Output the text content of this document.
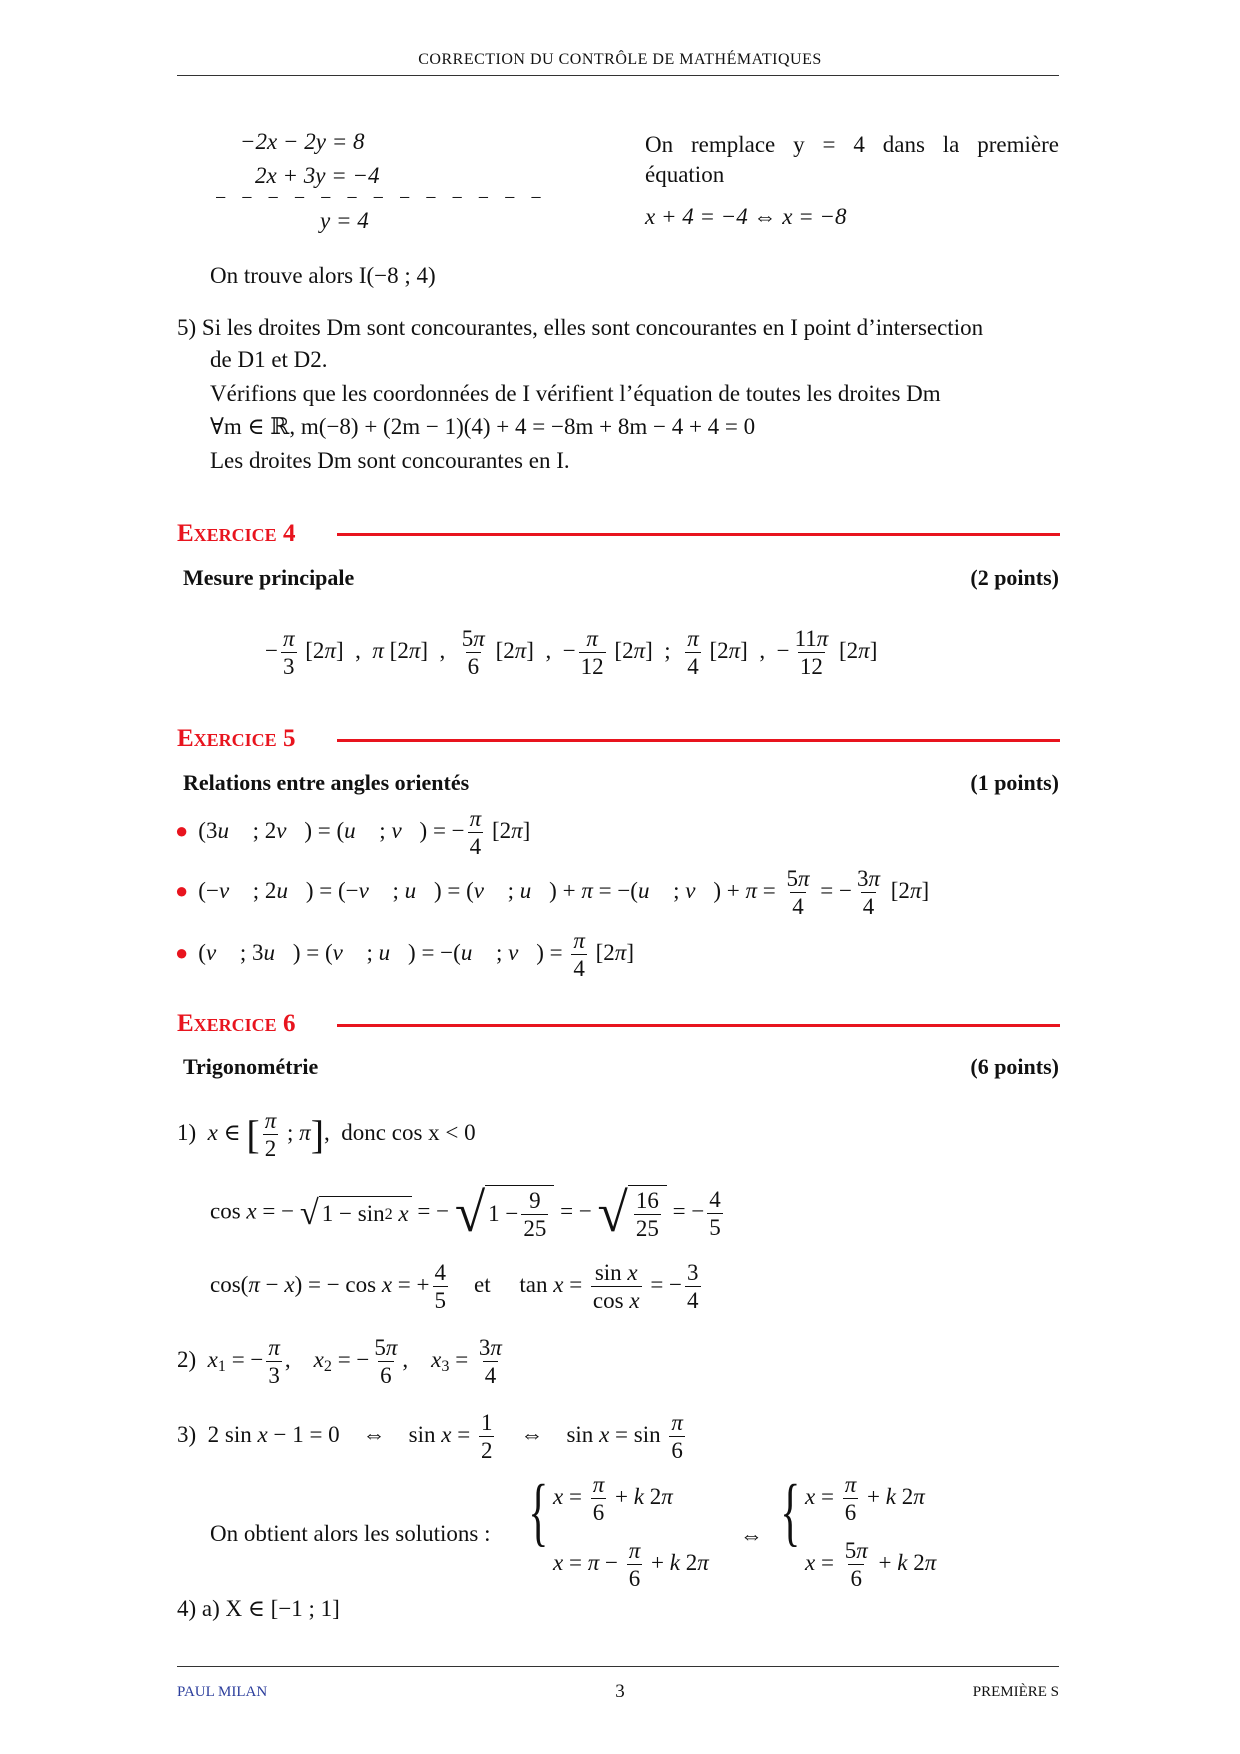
CORRECTION DU CONTRÔLE DE MATHÉMATIQUES
−2x − 2y = 8
2x + 3y = −4
− − − − − − − − − − − − −
y = 4
On remplace y = 4 dans la première équation
x + 4 = −4 ⇔ x = −8
On trouve alors I(−8 ; 4)
5) Si les droites Dm sont concourantes, elles sont concourantes en I point d’intersection
de D1 et D2.
Vérifions que les coordonnées de I vérifient l’équation de toutes les droites Dm
∀m ∈ ℝ, m(−8) + (2m − 1)(4) + 4 = −8m + 8m − 4 + 4 = 0
Les droites Dm sont concourantes en I.
Exercice 4
Mesure principale	(2 points)
− $\frac{\pi}{3} [2\pi]$  ,  π [2π]  , $\frac{5\pi}{6} [2\pi]$  ,  − $\frac{\pi}{12} [2\pi]$  ; $\frac{\pi}{4} [2\pi]$  ,  − $\frac{11\pi}{12} [2\pi]$
Exercice 5
Relations entre angles orientés	(1 points)
● (3u⃗ ; 2v⃗) = (u⃗ ; v⃗) = − $\frac{\pi}{4} [2\pi]$
● (−v⃗ ; 2u⃗) = (−v⃗ ; u⃗) = (v⃗ ; u⃗) + π = −(u⃗ ; v⃗) + $\pi = \frac{5\pi}{4}$ = − $\frac{3\pi}{4} [2\pi]$
● (v⃗ ; 3u⃗) = (v⃗ ; u⃗) = −(u⃗ ; v⃗) = $\frac{\pi}{4} [2\pi]$
Exercice 6
Trigonométrie	(6 points)
1)  x ∈ [ $\frac{\pi}{2}$ ; π],  donc cos x < 0
cos x = − √ 1 − sin 2
x = − √ $1 - \frac{9}{25}$ = − √ $\frac{16}{25}$ = − $\frac{4}{5}$
cos(π − x) = − cos x = + $\frac{4}{5}$ et     $\tan x = \frac{\text{sin x}}{\text{cos x}}$ = − $\frac{3}{4}$
2)  $x_1$ = − $\frac{\pi}{3}$ ,    $x_2$ = − $\frac{5\pi}{6}$ ,    $x_3 = \frac{3\pi}{4}$
3)  2 sin x − 1 = 0    ⇔    $\sin x = \frac{1}{2}$ ⇔    $\sin x = \sin \frac{\pi}{6}$
On obtient alors les solutions : { $x = \frac{\pi}{6} + k$ 2π
$x = \pi - \frac{\pi}{6} + k$ 2π
⇔ { $x = \frac{\pi}{6} + k$ 2π
$x = \frac{5\pi}{6} + k$ 2π
4) a) X ∈ [−1 ; 1]
PAUL MILAN	3	PREMIÈRE S
